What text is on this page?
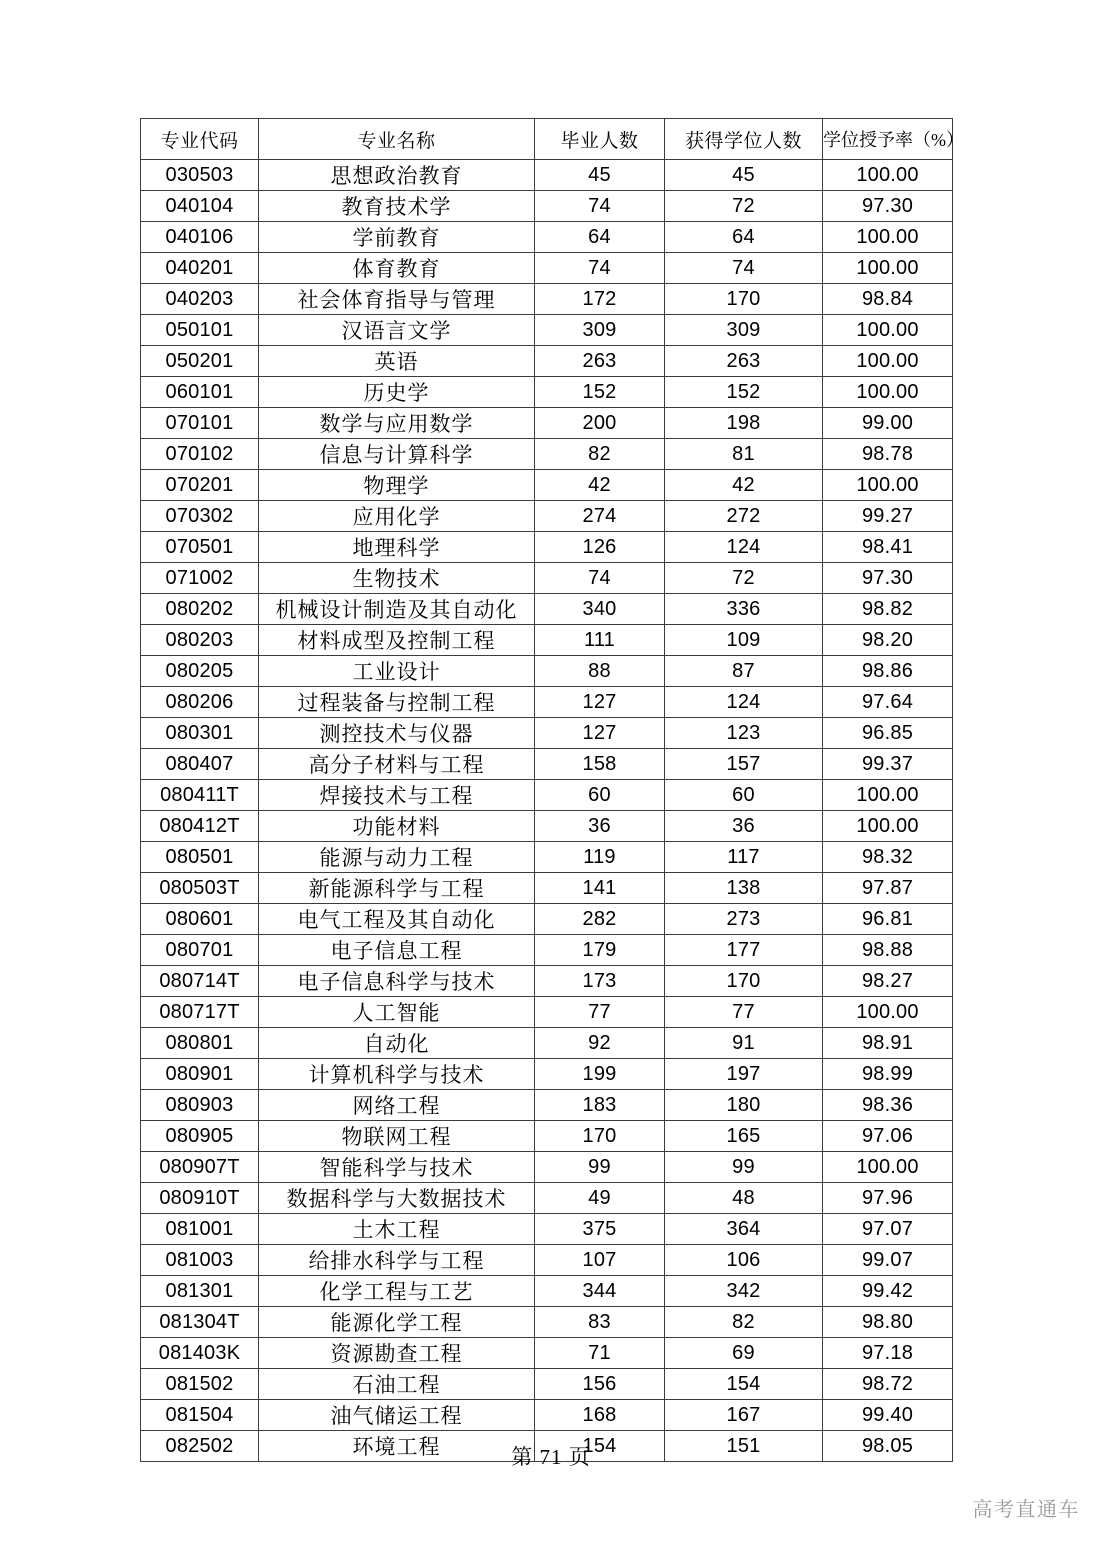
专业代码	专业名称	毕业人数	获得学位人数	学位授予率（%）
030503	思想政治教育	45	45	100.00
040104	教育技术学	74	72	97.30
040106	学前教育	64	64	100.00
040201	体育教育	74	74	100.00
040203	社会体育指导与管理	172	170	98.84
050101	汉语言文学	309	309	100.00
050201	英语	263	263	100.00
060101	历史学	152	152	100.00
070101	数学与应用数学	200	198	99.00
070102	信息与计算科学	82	81	98.78
070201	物理学	42	42	100.00
070302	应用化学	274	272	99.27
070501	地理科学	126	124	98.41
071002	生物技术	74	72	97.30
080202	机械设计制造及其自动化	340	336	98.82
080203	材料成型及控制工程	111	109	98.20
080205	工业设计	88	87	98.86
080206	过程装备与控制工程	127	124	97.64
080301	测控技术与仪器	127	123	96.85
080407	高分子材料与工程	158	157	99.37
080411T	焊接技术与工程	60	60	100.00
080412T	功能材料	36	36	100.00
080501	能源与动力工程	119	117	98.32
080503T	新能源科学与工程	141	138	97.87
080601	电气工程及其自动化	282	273	96.81
080701	电子信息工程	179	177	98.88
080714T	电子信息科学与技术	173	170	98.27
080717T	人工智能	77	77	100.00
080801	自动化	92	91	98.91
080901	计算机科学与技术	199	197	98.99
080903	网络工程	183	180	98.36
080905	物联网工程	170	165	97.06
080907T	智能科学与技术	99	99	100.00
080910T	数据科学与大数据技术	49	48	97.96
081001	土木工程	375	364	97.07
081003	给排水科学与工程	107	106	99.07
081301	化学工程与工艺	344	342	99.42
081304T	能源化学工程	83	82	98.80
081403K	资源勘查工程	71	69	97.18
081502	石油工程	156	154	98.72
081504	油气储运工程	168	167	99.40
082502	环境工程	154	151	98.05
第 71 页
高考直通车
